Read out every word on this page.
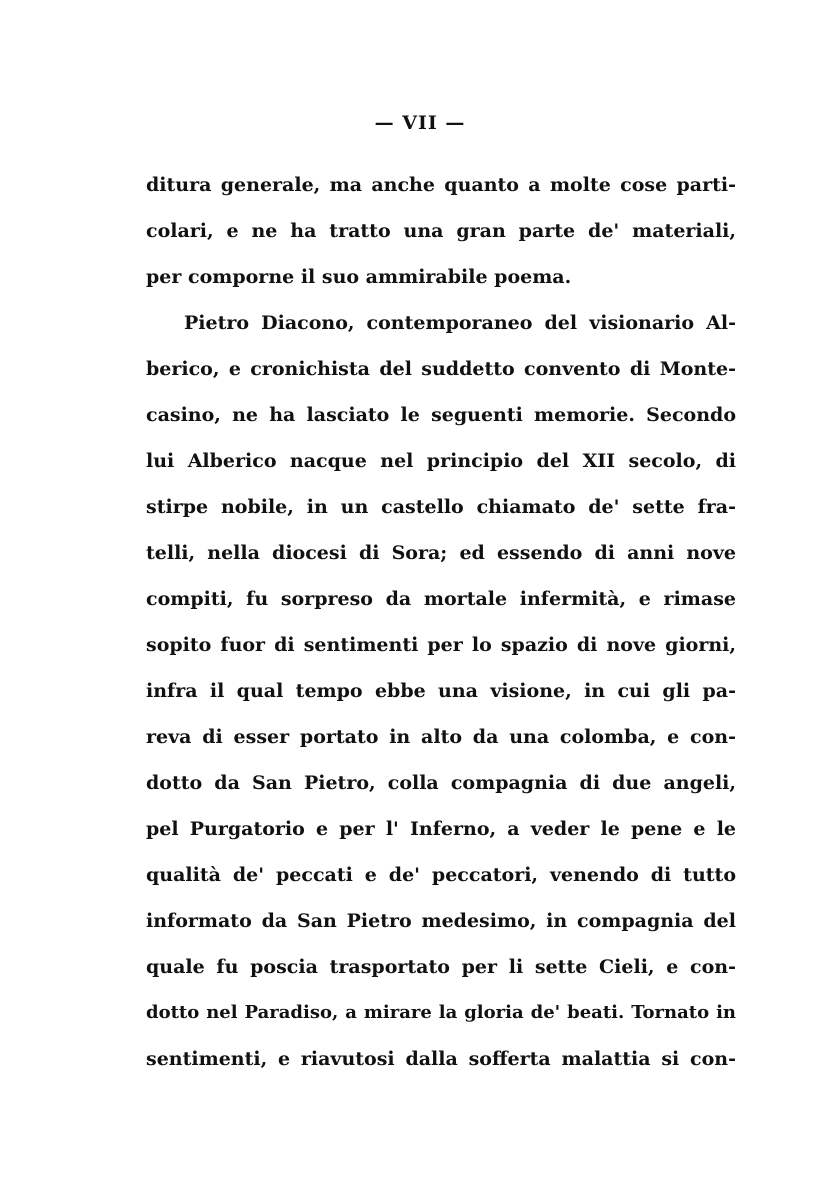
— VII —
ditura generale, ma anche quanto a molte cose parti-
colari, e ne ha tratto una gran parte de' materiali,
per comporne il suo ammirabile poema.
Pietro Diacono, contemporaneo del visionario Al-
berico, e cronichista del suddetto convento di Monte-
casino, ne ha lasciato le seguenti memorie. Secondo
lui Alberico nacque nel principio del XII secolo, di
stirpe nobile, in un castello chiamato de' sette fra-
telli, nella diocesi di Sora; ed essendo di anni nove
compiti, fu sorpreso da mortale infermità, e rimase
sopito fuor di sentimenti per lo spazio di nove giorni,
infra il qual tempo ebbe una visione, in cui gli pa-
reva di esser portato in alto da una colomba, e con-
dotto da San Pietro, colla compagnia di due angeli,
pel Purgatorio e per l' Inferno, a veder le pene e le
qualità de' peccati e de' peccatori, venendo di tutto
informato da San Pietro medesimo, in compagnia del
quale fu poscia trasportato per li sette Cieli, e con-
dotto nel Paradiso, a mirare la gloria de' beati. Tornato in
sentimenti, e riavutosi dalla sofferta malattia si con-
